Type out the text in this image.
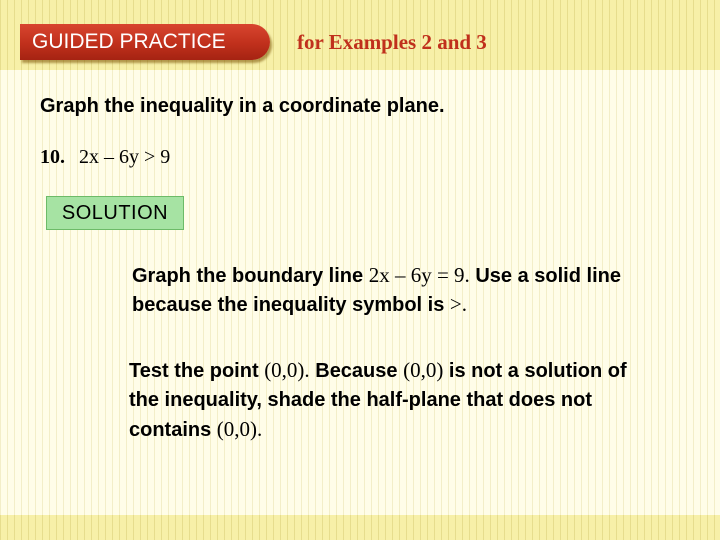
GUIDED PRACTICE	for Examples 2 and 3
Graph the inequality in a coordinate plane.
10. 2x – 6y > 9
SOLUTION
Graph the boundary line 2x – 6y = 9. Use a solid line because the inequality symbol is >.
Test the point (0,0). Because (0,0) is not a solution of the inequality, shade the half-plane that does not contains (0,0).
